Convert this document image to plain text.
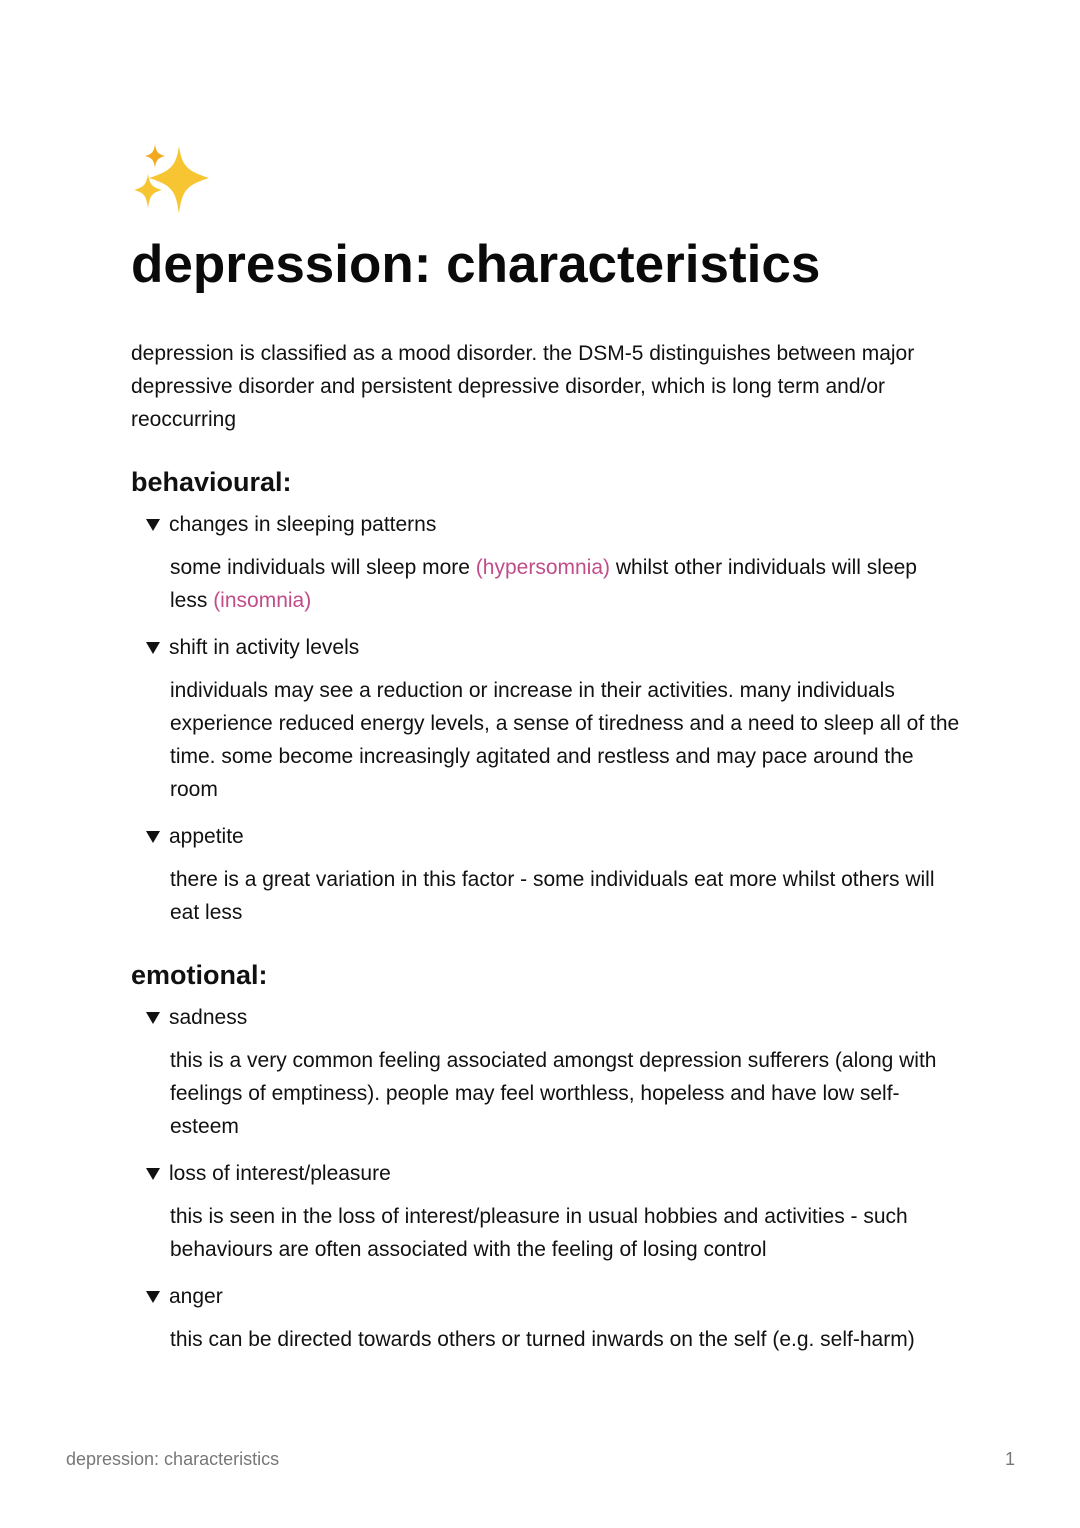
depression: characteristics

depression is classified as a mood disorder. the DSM-5 distinguishes between major depressive disorder and persistent depressive disorder, which is long term and/or reoccurring

behavioural:
changes in sleeping patterns

some individuals will sleep more (hypersomnia) whilst other individuals will sleep less (insomnia)

shift in activity levels

individuals may see a reduction or increase in their activities. many individuals experience reduced energy levels, a sense of tiredness and a need to sleep all of the time. some become increasingly agitated and restless and may pace around the room

appetite

there is a great variation in this factor - some individuals eat more whilst others will eat less

emotional:
sadness

this is a very common feeling associated amongst depression sufferers (along with feelings of emptiness). people may feel worthless, hopeless and have low self-esteem

loss of interest/pleasure

this is seen in the loss of interest/pleasure in usual hobbies and activities - such behaviours are often associated with the feeling of losing control

anger

this can be directed towards others or turned inwards on the self (e.g. self-harm)

depression: characteristics	1
